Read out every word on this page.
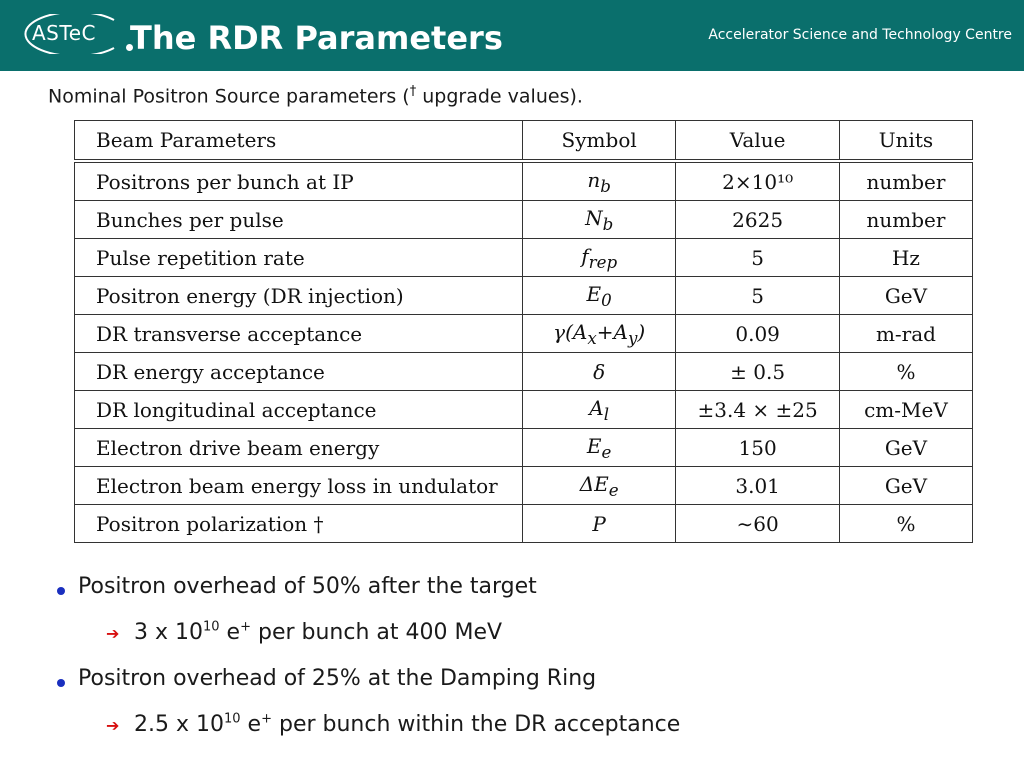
ASTeC The RDR Parameters	Accelerator Science and Technology Centre
Nominal Positron Source parameters († upgrade values).
Beam Parameters	Symbol	Value	Units
Positrons per bunch at IP	$n_b$	2×10¹⁰	number
Bunches per pulse	$N_b$	2625	number
Pulse repetition rate	$f_{rep}$	5	Hz
Positron energy (DR injection)	$E_0$	5	GeV
DR transverse acceptance	$\gamma(A_x+A_y)$	0.09	m-rad
DR energy acceptance	δ	± 0.5	%
DR longitudinal acceptance	$A_l$	±3.4 × ±25	cm-MeV
Electron drive beam energy	$E_e$	150	GeV
Electron beam energy loss in undulator	$\Delta E_e$	3.01	GeV
Positron polarization †	P	∼60	%
Positron overhead of 50% after the target
➔ 3 x $10^{10}$ e+ per bunch at 400 MeV
Positron overhead of 25% at the Damping Ring
➔ 2.5 x $10^{10}$ e+ per bunch within the DR acceptance
